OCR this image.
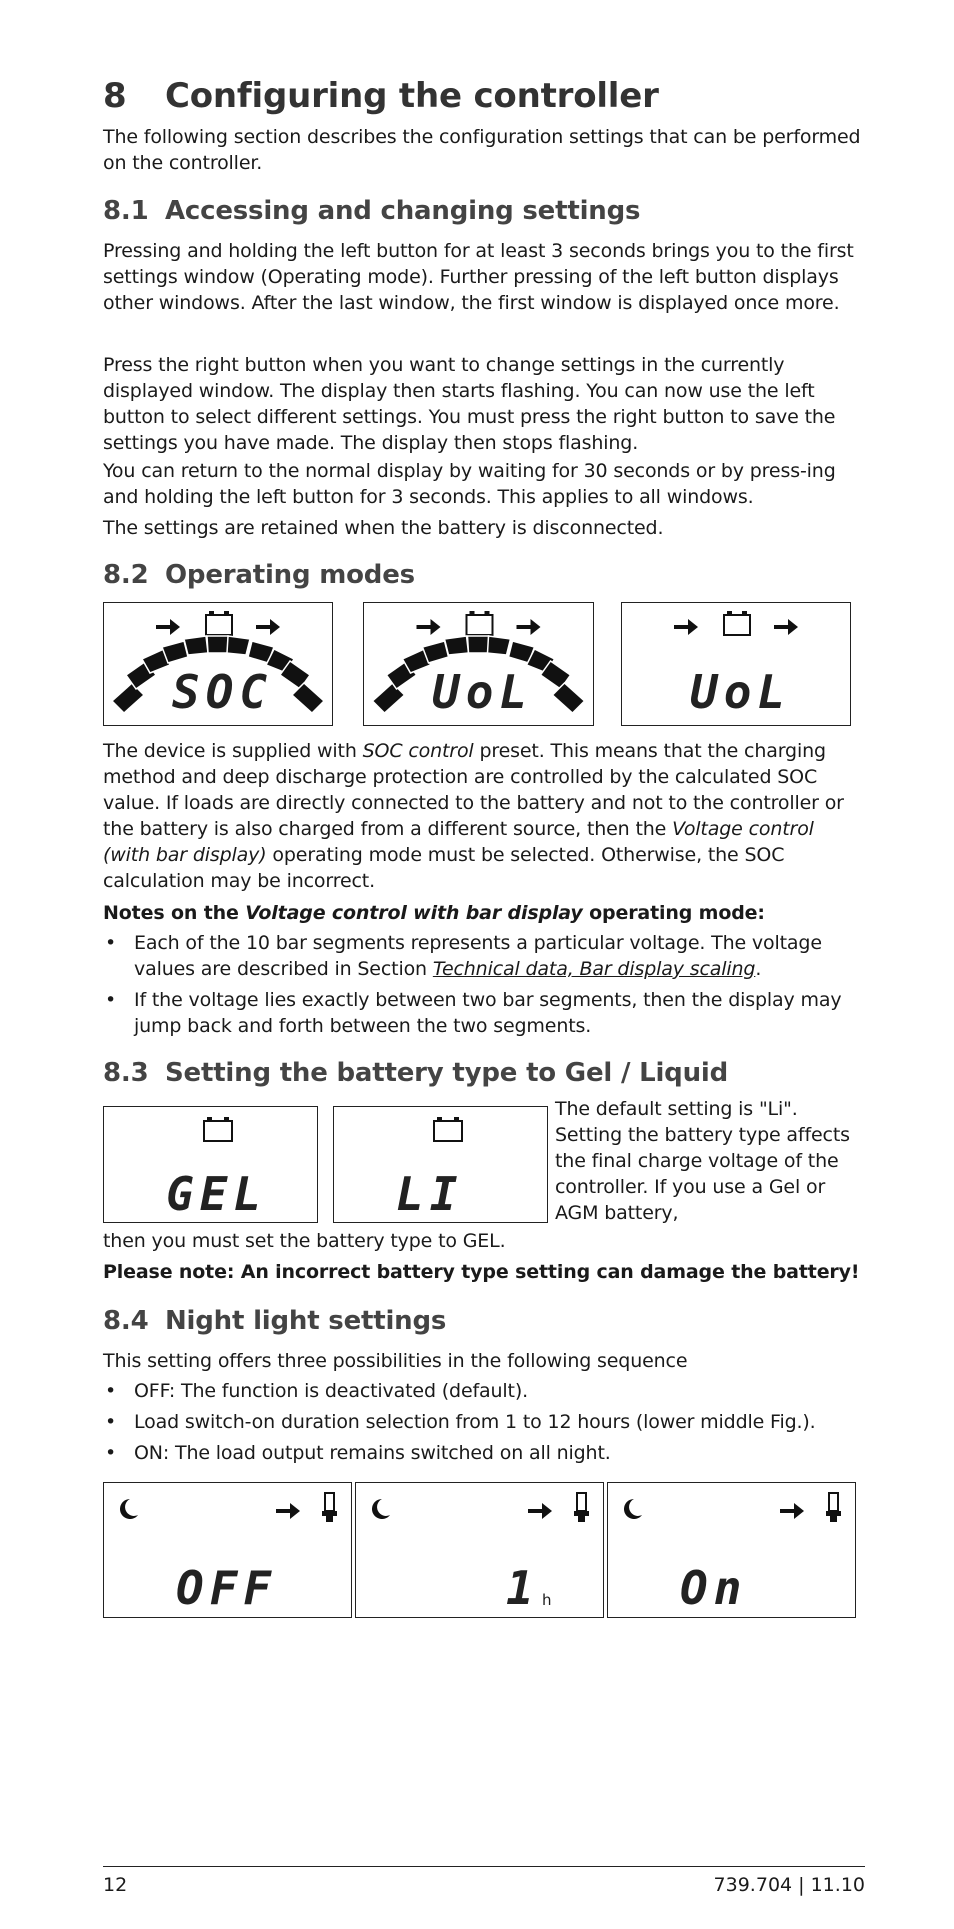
8 Configuring the controller

The following section describes the configuration settings that can be performed on the controller.

8.1 Accessing and changing settings

Pressing and holding the left button for at least 3 seconds brings you to the first settings window (Operating mode). Further pressing of the left button displays other windows. After the last window, the first window is displayed once more.

Press the right button when you want to change settings in the currently displayed window. The display then starts flashing. You can now use the left button to select different settings. You must press the right button to save the settings you have made. The display then stops flashing.

You can return to the normal display by waiting for 30 seconds or by press-ing and holding the left button for 3 seconds. This applies to all windows.

The settings are retained when the battery is disconnected.

8.2 Operating modes
SOC	UoL	UoL

The device is supplied with SOC control preset. This means that the charging method and deep discharge protection are controlled by the calculated SOC value. If loads are directly connected to the battery and not to the controller or the battery is also charged from a different source, then the Voltage control (with bar display) operating mode must be selected. Otherwise, the SOC calculation may be incorrect.

Notes on the Voltage control with bar display operating mode:

• Each of the 10 bar segments represents a particular voltage. The voltage values are described in Section Technical data, Bar display scaling.
• If the voltage lies exactly between two bar segments, then the display may jump back and forth between the two segments.
8.3 Setting the battery type to Gel / Liquid
GEL	LI

The default setting is "Li". Setting the battery type affects the final charge voltage of the controller. If you use a Gel or AGM battery,

then you must set the battery type to GEL.

Please note: An incorrect battery type setting can damage the battery!

8.4 Night light settings

This setting offers three possibilities in the following sequence

• OFF: The function is deactivated (default).
• Load switch-on duration selection from 1 to 12 hours (lower middle Fig.).
• ON: The load output remains switched on all night.
OFF	1 h	On
12	739.704 | 11.10
